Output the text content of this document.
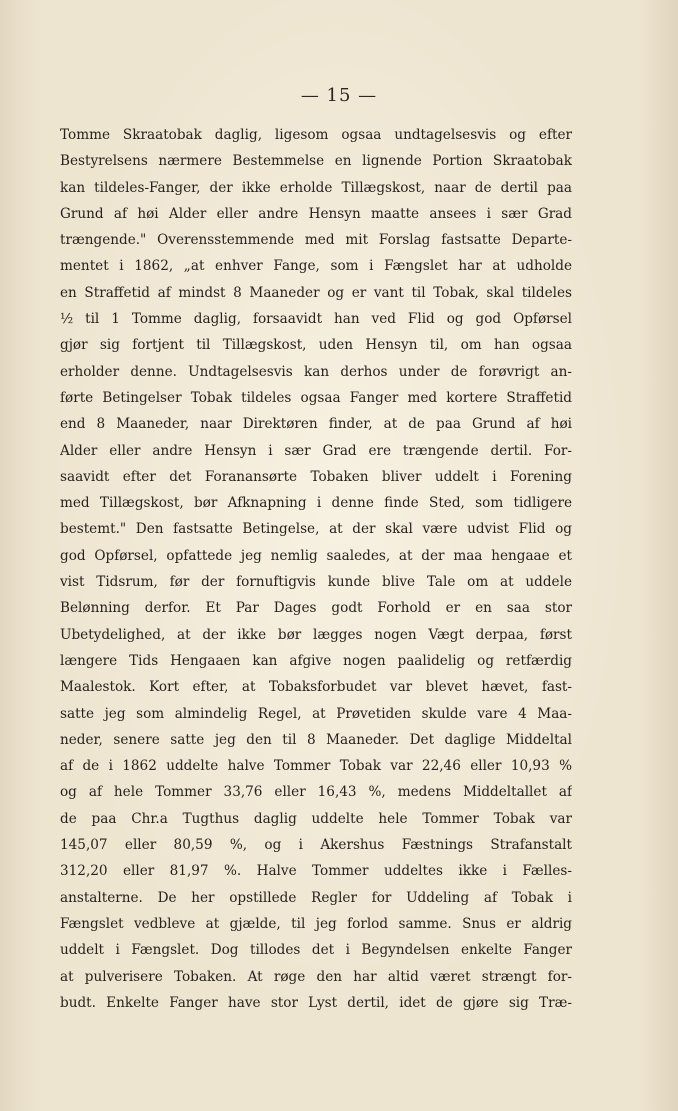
— 15 —
Tomme Skraatobak daglig, ligesom ogsaa undtagelsesvis og efter
Bestyrelsens nærmere Bestemmelse en lignende Portion Skraatobak
kan tildeles-Fanger, der ikke erholde Tillægskost, naar de dertil paa
Grund af høi Alder eller andre Hensyn maatte ansees i sær Grad
trængende." Overensstemmende med mit Forslag fastsatte Departe-
mentet i 1862, „at enhver Fange, som i Fængslet har at udholde
en Straffetid af mindst 8 Maaneder og er vant til Tobak, skal tildeles
½ til 1 Tomme daglig, forsaavidt han ved Flid og god Opførsel
gjør sig fortjent til Tillægskost, uden Hensyn til, om han ogsaa
erholder denne. Undtagelsesvis kan derhos under de forøvrigt an-
førte Betingelser Tobak tildeles ogsaa Fanger med kortere Straffetid
end 8 Maaneder, naar Direktøren finder, at de paa Grund af høi
Alder eller andre Hensyn i sær Grad ere trængende dertil. For-
saavidt efter det Foranansørte Tobaken bliver uddelt i Forening
med Tillægskost, bør Afknapning i denne finde Sted, som tidligere
bestemt." Den fastsatte Betingelse, at der skal være udvist Flid og
god Opførsel, opfattede jeg nemlig saaledes, at der maa hengaae et
vist Tidsrum, før der fornuftigvis kunde blive Tale om at uddele
Belønning derfor. Et Par Dages godt Forhold er en saa stor
Ubetydelighed, at der ikke bør lægges nogen Vægt derpaa, først
længere Tids Hengaaen kan afgive nogen paalidelig og retfærdig
Maalestok. Kort efter, at Tobaksforbudet var blevet hævet, fast-
satte jeg som almindelig Regel, at Prøvetiden skulde vare 4 Maa-
neder, senere satte jeg den til 8 Maaneder. Det daglige Middeltal
af de i 1862 uddelte halve Tommer Tobak var 22,46 eller 10,93 %
og af hele Tommer 33,76 eller 16,43 %, medens Middeltallet af
de paa Chr.a Tugthus daglig uddelte hele Tommer Tobak var
145,07 eller 80,59 %, og i Akershus Fæstnings Strafanstalt
312,20 eller 81,97 %. Halve Tommer uddeltes ikke i Fælles-
anstalterne. De her opstillede Regler for Uddeling af Tobak i
Fængslet vedbleve at gjælde, til jeg forlod samme. Snus er aldrig
uddelt i Fængslet. Dog tillodes det i Begyndelsen enkelte Fanger
at pulverisere Tobaken. At røge den har altid været strængt for-
budt. Enkelte Fanger have stor Lyst dertil, idet de gjøre sig Træ-
